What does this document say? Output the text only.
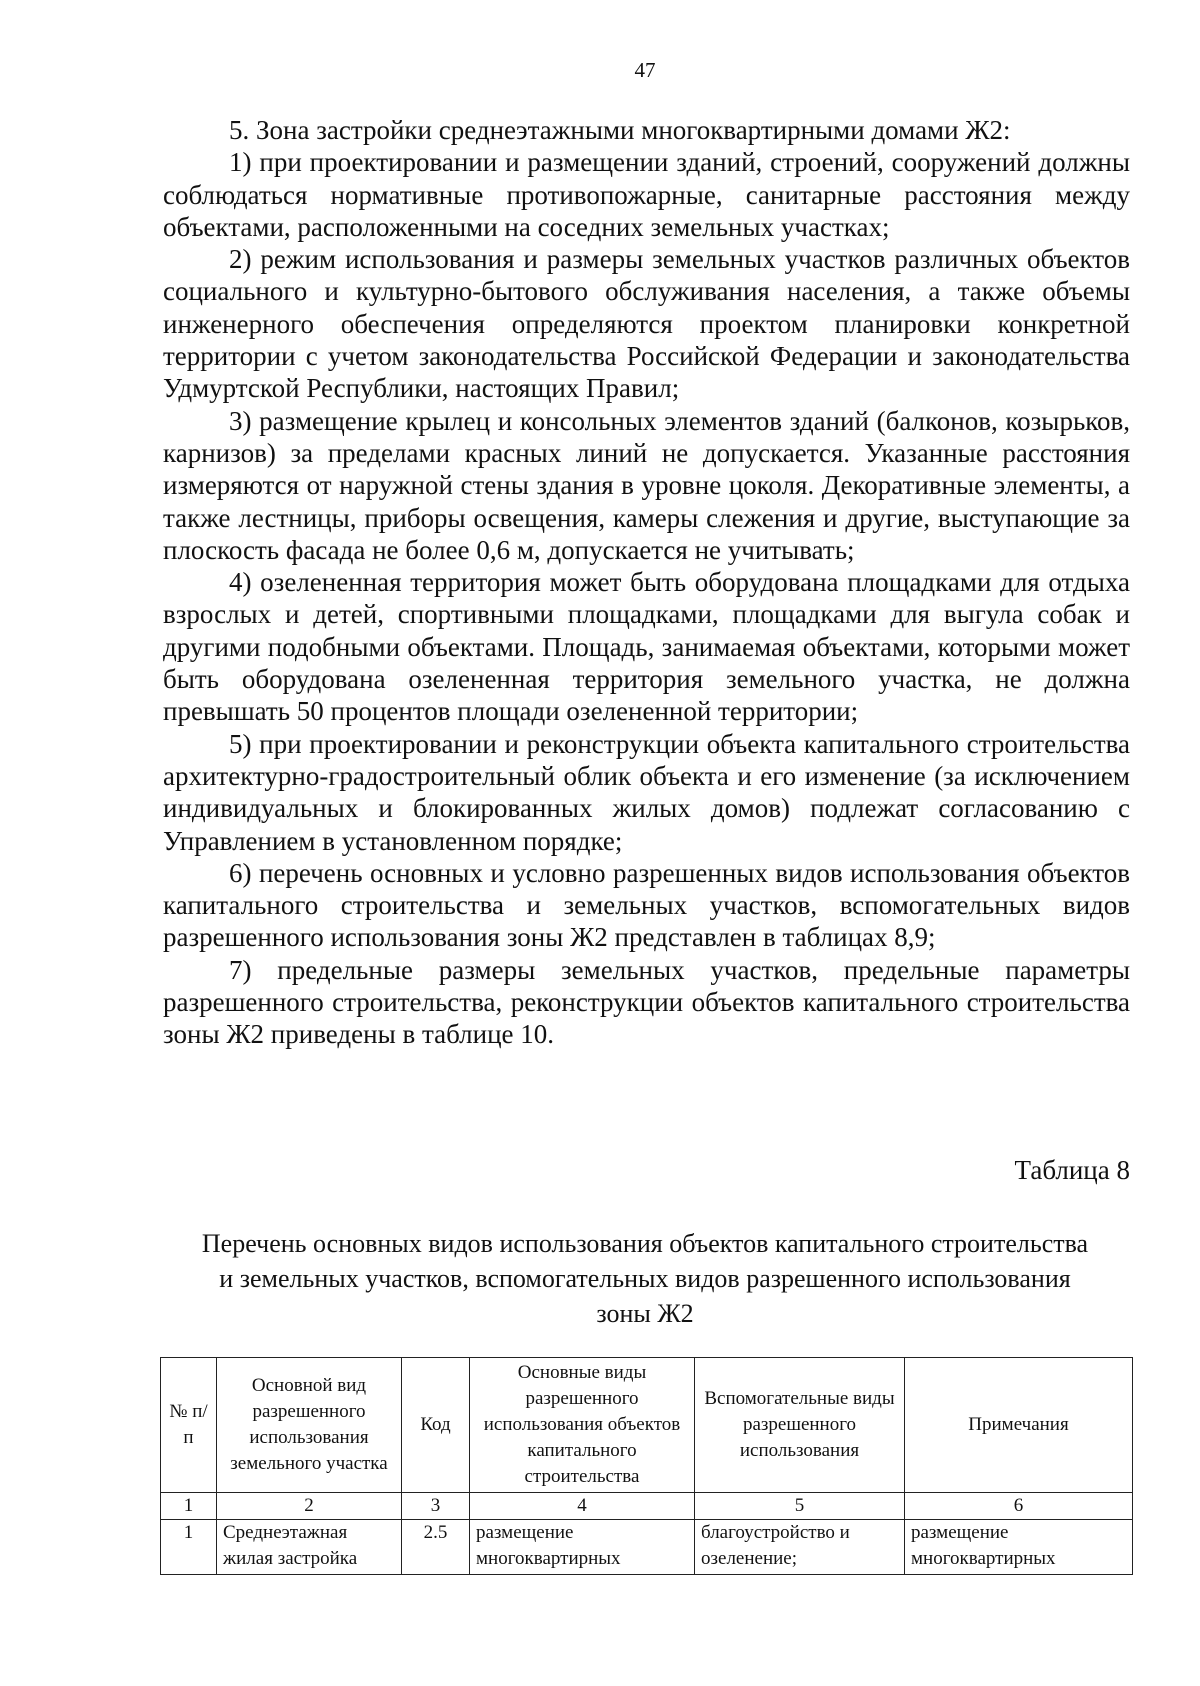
47

5. Зона застройки среднеэтажными многоквартирными домами Ж2:

1) при проектировании и размещении зданий, строений, сооружений должны соблюдаться нормативные противопожарные, санитарные расстояния между объектами, расположенными на соседних земельных участках;

2) режим использования и размеры земельных участков различных объектов социального и культурно-бытового обслуживания населения, а также объемы инженерного обеспечения определяются проектом планировки конкретной территории с учетом законодательства Российской Федерации и законодательства Удмуртской Республики, настоящих Правил;

3) размещение крылец и консольных элементов зданий (балконов, козырьков, карнизов) за пределами красных линий не допускается. Указанные расстояния измеряются от наружной стены здания в уровне цоколя. Декоративные элементы, а также лестницы, приборы освещения, камеры слежения и другие, выступающие за плоскость фасада не более 0,6 м, допускается не учитывать;

4) озелененная территория может быть оборудована площадками для отдыха взрослых и детей, спортивными площадками, площадками для выгула собак и другими подобными объектами. Площадь, занимаемая объектами, которыми может быть оборудована озелененная территория земельного участка, не должна превышать 50 процентов площади озелененной территории;

5) при проектировании и реконструкции объекта капитального строительства архитектурно-градостроительный облик объекта и его изменение (за исключением индивидуальных и блокированных жилых домов) подлежат согласованию с Управлением в установленном порядке;

6) перечень основных и условно разрешенных видов использования объектов капитального строительства и земельных участков, вспомогательных видов разрешенного использования зоны Ж2 представлен в таблицах 8,9;

7) предельные размеры земельных участков, предельные параметры разрешенного строительства, реконструкции объектов капитального строительства зоны Ж2 приведены в таблице 10.

Таблица 8
Перечень основных видов использования объектов капитального строительства и земельных участков, вспомогательных видов разрешенного использования зоны Ж2
№ п/п	Основной вид разрешенного использования земельного участка	Код	Основные виды разрешенного использования объектов капитального строительства	Вспомогательные виды разрешенного использования	Примечания
1	2	3	4	5	6
1	Среднеэтажная жилая застройка	2.5	размещение многоквартирных	благоустройство и озеленение;	размещение многоквартирных
